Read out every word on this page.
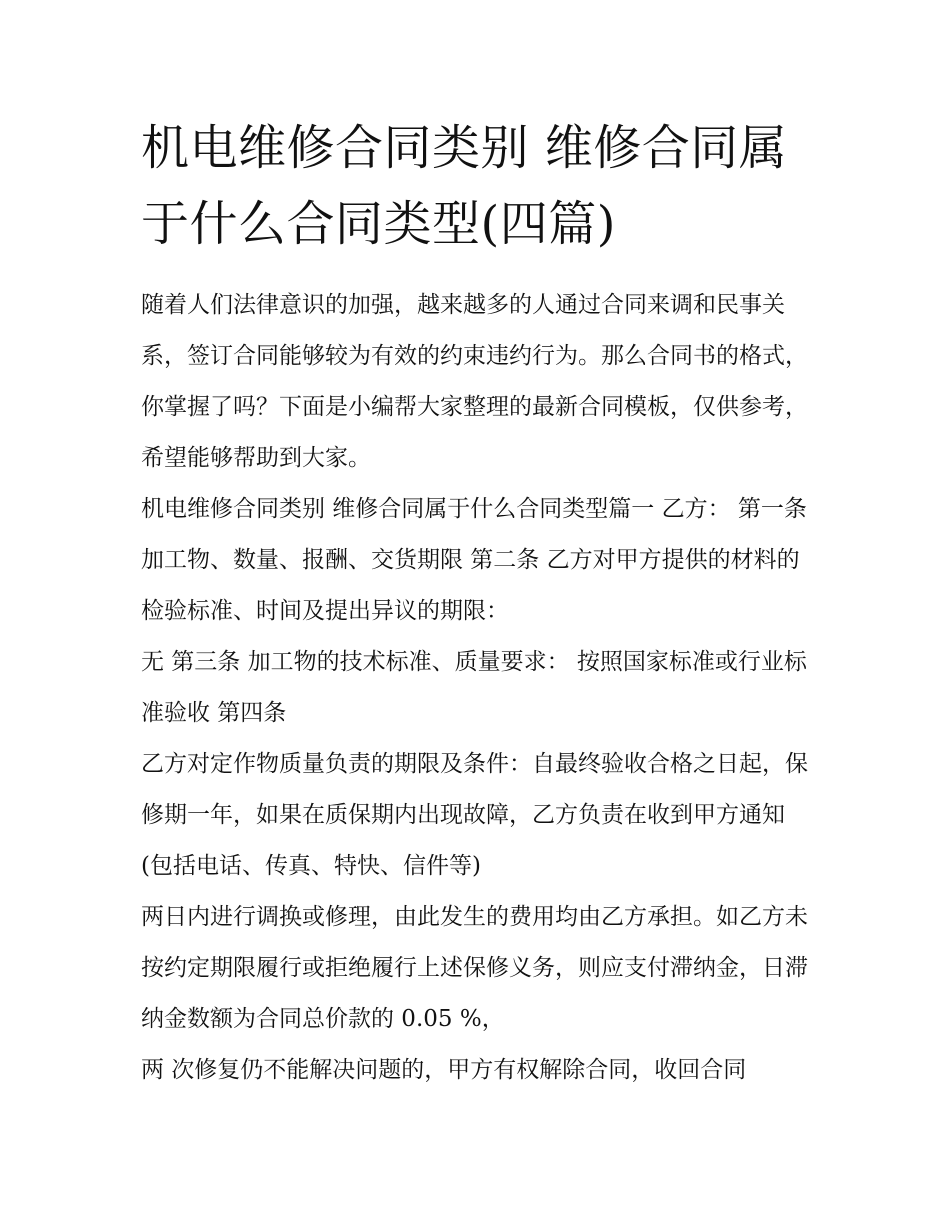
机电维修合同类别 维修合同属于什么合同类型(四篇)

随着人们法律意识的加强，越来越多的人通过合同来调和民事关系，签订合同能够较为有效的约束违约行为。那么合同书的格式，你掌握了吗？下面是小编帮大家整理的最新合同模板，仅供参考，希望能够帮助到大家。

机电维修合同类别 维修合同属于什么合同类型篇一 乙方： 第一条 加工物、数量、报酬、交货期限 第二条 乙方对甲方提供的材料的检验标准、时间及提出异议的期限：

无 第三条 加工物的技术标准、质量要求： 按照国家标准或行业标准验收 第四条

乙方对定作物质量负责的期限及条件：自最终验收合格之日起，保修期一年，如果在质保期内出现故障，乙方负责在收到甲方通知(包括电话、传真、特快、信件等)

两日内进行调换或修理，由此发生的费用均由乙方承担。如乙方未按约定期限履行或拒绝履行上述保修义务，则应支付滞纳金，日滞纳金数额为合同总价款的 0.05 %，

两 次修复仍不能解决问题的，甲方有权解除合同，收回合同
